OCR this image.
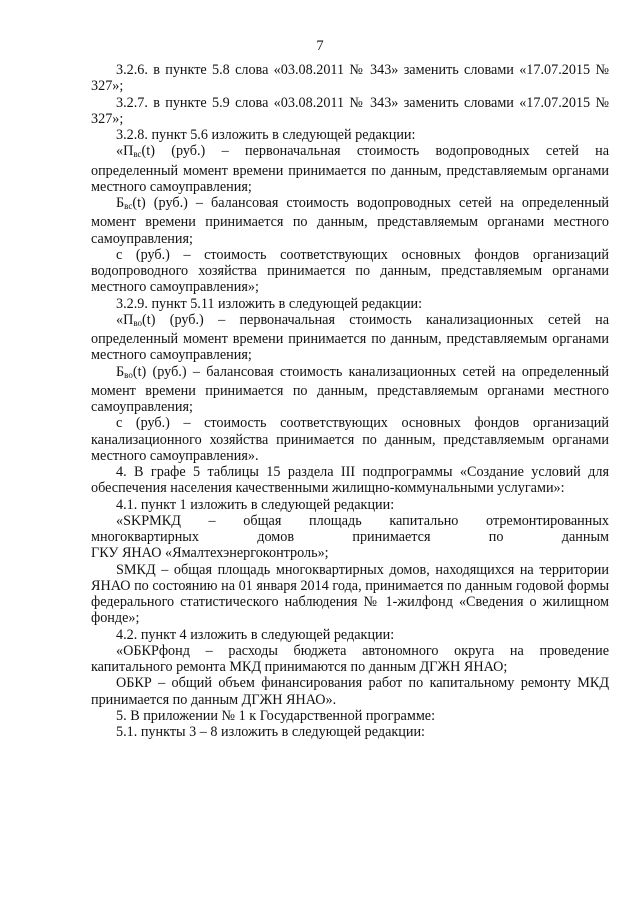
7

3.2.6. в пункте 5.8 слова «03.08.2011 № 343» заменить словами «17.07.2015 № 327»;

3.2.7. в пункте 5.9 слова «03.08.2011 № 343» заменить словами «17.07.2015 № 327»;

3.2.8. пункт 5.6 изложить в следующей редакции:

«$П_{вс}(t)$ (руб.) – первоначальная стоимость водопроводных сетей на определенный момент времени принимается по данным, представляемым органами местного самоуправления;

$Б_{вс}(t)$ (руб.) – балансовая стоимость водопроводных сетей на определенный момент времени принимается по данным, представляемым органами местного самоуправления;

с (руб.) – стоимость соответствующих основных фондов организаций водопроводного хозяйства принимается по данным, представляемым органами местного самоуправления»;

3.2.9. пункт 5.11 изложить в следующей редакции:

«$П_{во}(t)$ (руб.) – первоначальная стоимость канализационных сетей на определенный момент времени принимается по данным, представляемым органами местного самоуправления;

$Б_{во}(t)$ (руб.) – балансовая стоимость канализационных сетей на определенный момент времени принимается по данным, представляемым органами местного самоуправления;

с (руб.) – стоимость соответствующих основных фондов организаций канализационного хозяйства принимается по данным, представляемым органами местного самоуправления».

4. В графе 5 таблицы 15 раздела III подпрограммы «Создание условий для обеспечения населения качественными жилищно-коммунальными услугами»:

4.1. пункт 1 изложить в следующей редакции:

«SKPМКД – общая площадь капитально отремонтированных

многоквартирных домов принимается по данным

ГКУ ЯНАО «Ямалтехэнергоконтроль»;

SМКД – общая площадь многоквартирных домов, находящихся на территории ЯНАО по состоянию на 01 января 2014 года, принимается по данным годовой формы федерального статистического наблюдения № 1-жилфонд «Сведения о жилищном фонде»;

4.2. пункт 4 изложить в следующей редакции:

«ОБКРфонд – расходы бюджета автономного округа на проведение капитального ремонта МКД принимаются по данным ДГЖН ЯНАО;

ОБКР – общий объем финансирования работ по капитальному ремонту МКД принимается по данным ДГЖН ЯНАО».

5. В приложении № 1 к Государственной программе:

5.1. пункты 3 – 8 изложить в следующей редакции:
